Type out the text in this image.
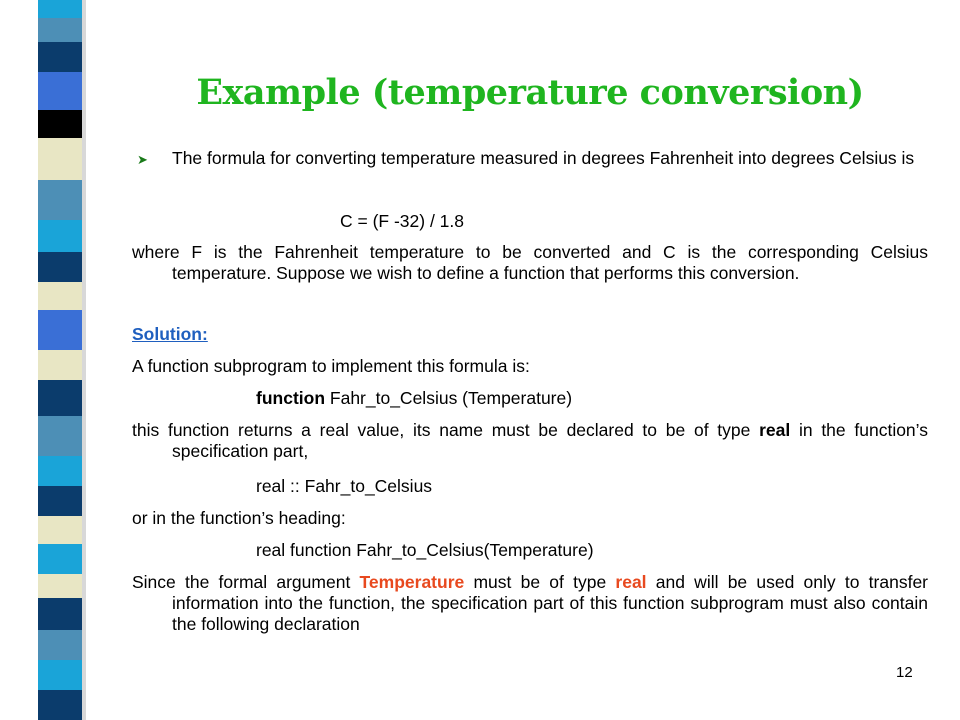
Example (temperature conversion)
➤ The formula for converting temperature measured in degrees Fahrenheit into degrees Celsius is
C = (F -32) / 1.8
where F is the Fahrenheit temperature to be converted and C is the corresponding Celsius temperature. Suppose we wish to define a function that performs this conversion.
Solution:
A function subprogram to implement this formula is:
function Fahr_to_Celsius (Temperature)
this function returns a real value, its name must be declared to be of type real in the function’s specification part,
real :: Fahr_to_Celsius
or in the function’s heading:
real function Fahr_to_Celsius(Temperature)
Since the formal argument Temperature must be of type real and will be used only to transfer information into the function, the specification part of this function subprogram must also contain the following declaration
12
